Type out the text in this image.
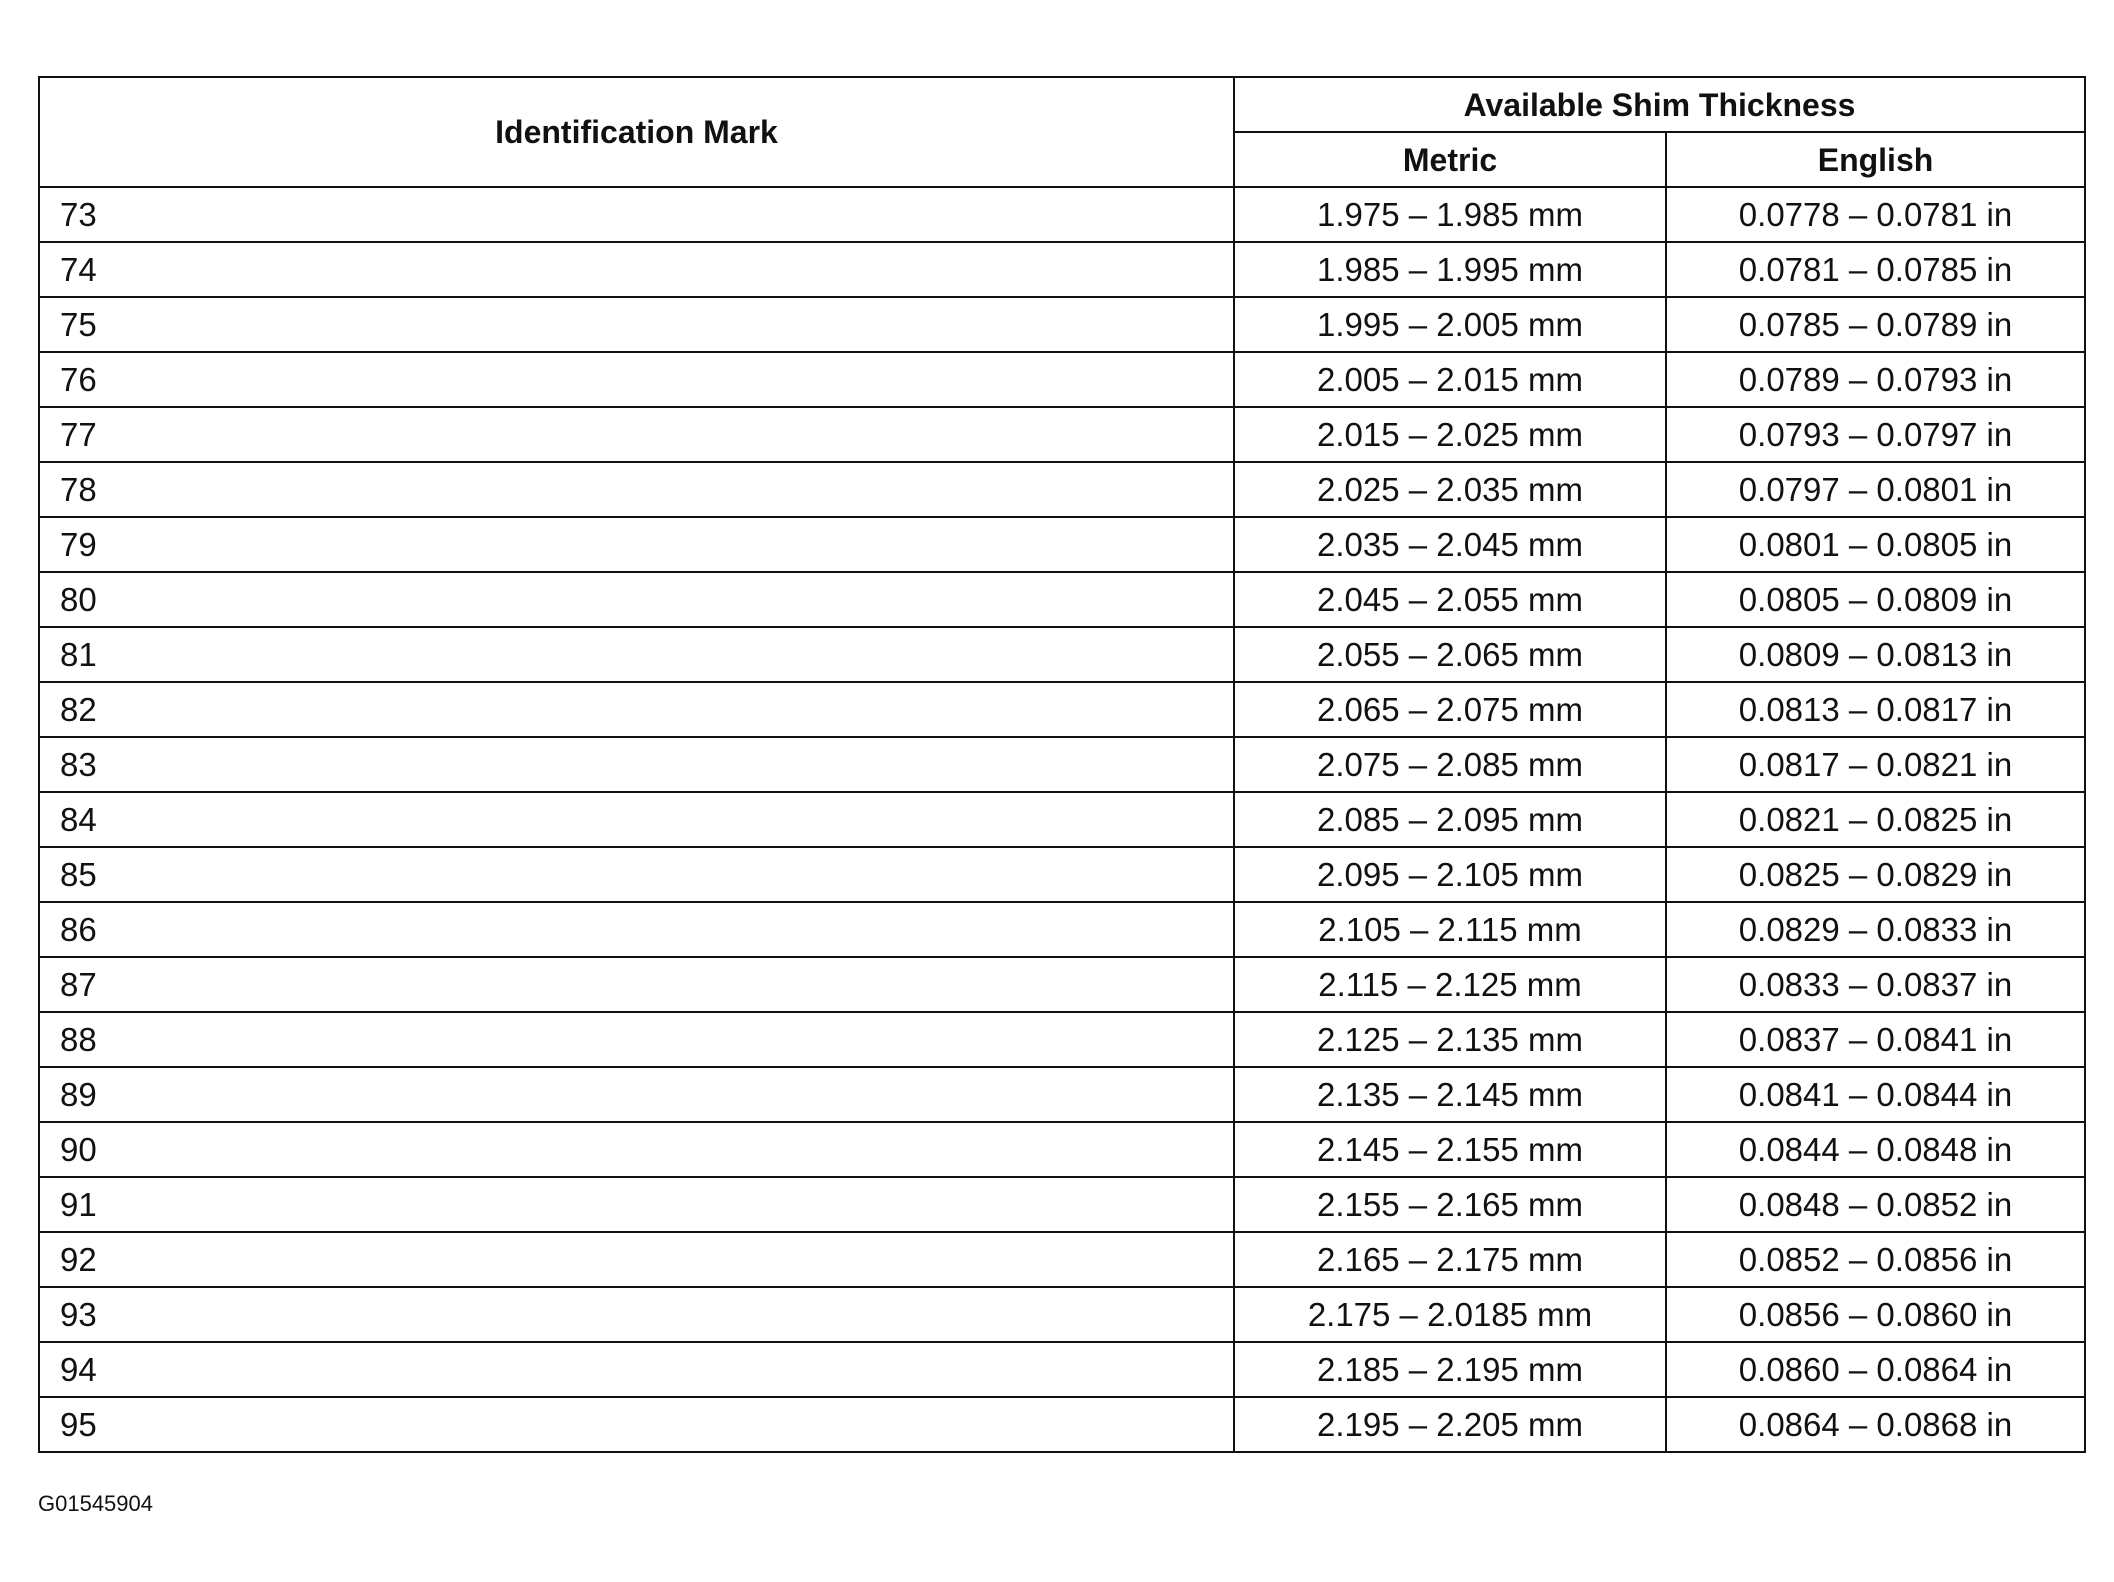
Identification Mark	Available Shim Thickness	
	Metric	English
73	1.975 – 1.985 mm	0.0778 – 0.0781 in
74	1.985 – 1.995 mm	0.0781 – 0.0785 in
75	1.995 – 2.005 mm	0.0785 – 0.0789 in
76	2.005 – 2.015 mm	0.0789 – 0.0793 in
77	2.015 – 2.025 mm	0.0793 – 0.0797 in
78	2.025 – 2.035 mm	0.0797 – 0.0801 in
79	2.035 – 2.045 mm	0.0801 – 0.0805 in
80	2.045 – 2.055 mm	0.0805 – 0.0809 in
81	2.055 – 2.065 mm	0.0809 – 0.0813 in
82	2.065 – 2.075 mm	0.0813 – 0.0817 in
83	2.075 – 2.085 mm	0.0817 – 0.0821 in
84	2.085 – 2.095 mm	0.0821 – 0.0825 in
85	2.095 – 2.105 mm	0.0825 – 0.0829 in
86	2.105 – 2.115 mm	0.0829 – 0.0833 in
87	2.115 – 2.125 mm	0.0833 – 0.0837 in
88	2.125 – 2.135 mm	0.0837 – 0.0841 in
89	2.135 – 2.145 mm	0.0841 – 0.0844 in
90	2.145 – 2.155 mm	0.0844 – 0.0848 in
91	2.155 – 2.165 mm	0.0848 – 0.0852 in
92	2.165 – 2.175 mm	0.0852 – 0.0856 in
93	2.175 – 2.0185 mm	0.0856 – 0.0860 in
94	2.185 – 2.195 mm	0.0860 – 0.0864 in
95	2.195 – 2.205 mm	0.0864 – 0.0868 in
G01545904
